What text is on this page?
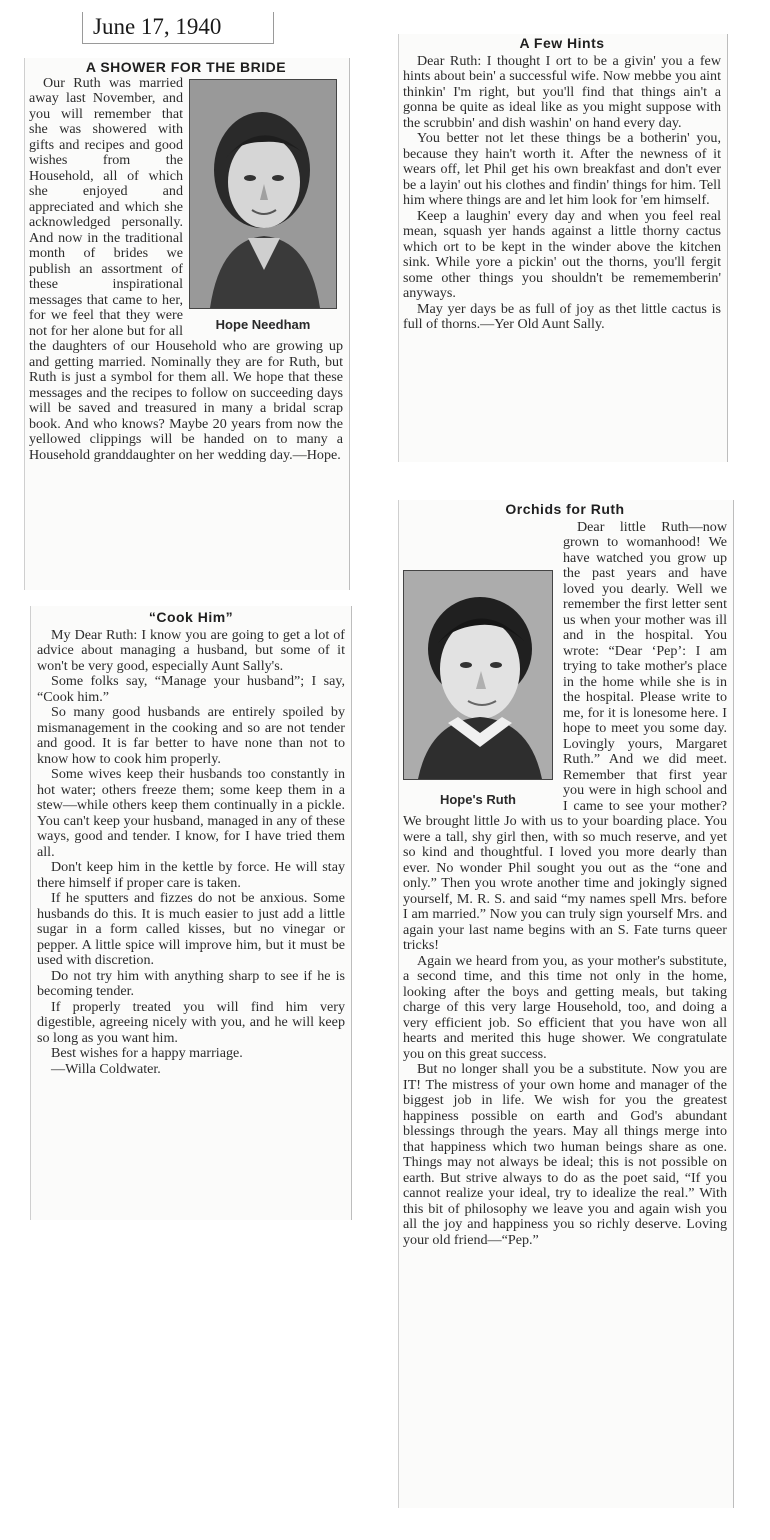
June 17, 1940
A SHOWER FOR THE BRIDE
Hope Needham

Our Ruth was married away last November, and you will remember that she was showered with gifts and recipes and good wishes from the Household, all of which she enjoyed and appreciated and which she acknowledged personally. And now in the traditional month of brides we publish an assortment of these inspirational messages that came to her, for we feel that they were not for her alone but for all the daughters of our Household who are growing up and getting married. Nominally they are for Ruth, but Ruth is just a symbol for them all. We hope that these messages and the recipes to follow on succeeding days will be saved and treasured in many a bridal scrap book. And who knows? Maybe 20 years from now the yellowed clippings will be handed on to many a Household granddaughter on her wedding day.—Hope.

“Cook Him”

My Dear Ruth: I know you are going to get a lot of advice about managing a husband, but some of it won't be very good, especially Aunt Sally's.

Some folks say, “Manage your husband”; I say, “Cook him.”

So many good husbands are entirely spoiled by mismanagement in the cooking and so are not tender and good. It is far better to have none than not to know how to cook him properly.

Some wives keep their husbands too constantly in hot water; others freeze them; some keep them in a stew—while others keep them continually in a pickle. You can't keep your husband, managed in any of these ways, good and tender. I know, for I have tried them all.

Don't keep him in the kettle by force. He will stay there himself if proper care is taken.

If he sputters and fizzes do not be anxious. Some husbands do this. It is much easier to just add a little sugar in a form called kisses, but no vinegar or pepper. A little spice will improve him, but it must be used with discretion.

Do not try him with anything sharp to see if he is becoming tender.

If properly treated you will find him very digestible, agreeing nicely with you, and he will keep so long as you want him.

Best wishes for a happy marriage.

—Willa Coldwater.

A Few Hints

Dear Ruth: I thought I ort to be a givin' you a few hints about bein' a successful wife. Now mebbe you aint thinkin' I'm right, but you'll find that things ain't a gonna be quite as ideal like as you might suppose with the scrubbin' and dish washin' on hand every day.

You better not let these things be a botherin' you, because they hain't worth it. After the newness of it wears off, let Phil get his own breakfast and don't ever be a layin' out his clothes and findin' things for him. Tell him where things are and let him look for 'em himself.

Keep a laughin' every day and when you feel real mean, squash yer hands against a little thorny cactus which ort to be kept in the winder above the kitchen sink. While yore a pickin' out the thorns, you'll fergit some other things you shouldn't be remememberin' anyways.

May yer days be as full of joy as thet little cactus is full of thorns.—Yer Old Aunt Sally.

Orchids for Ruth
Hope's Ruth

Dear little Ruth—now grown to womanhood! We have watched you grow up the past years and have loved you dearly. Well we remember the first letter sent us when your mother was ill and in the hospital. You wrote: “Dear ‘Pep’: I am trying to take mother's place in the home while she is in the hospital. Please write to me, for it is lonesome here. I hope to meet you some day. Lovingly yours, Margaret Ruth.” And we did meet. Remember that first year you were in high school and I came to see your mother? We brought little Jo with us to your boarding place. You were a tall, shy girl then, with so much reserve, and yet so kind and thoughtful. I loved you more dearly than ever. No wonder Phil sought you out as the “one and only.” Then you wrote another time and jokingly signed yourself, M. R. S. and said “my names spell Mrs. before I am married.” Now you can truly sign yourself Mrs. and again your last name begins with an S. Fate turns queer tricks!

Again we heard from you, as your mother's substitute, a second time, and this time not only in the home, looking after the boys and getting meals, but taking charge of this very large Household, too, and doing a very efficient job. So efficient that you have won all hearts and merited this huge shower. We congratulate you on this great success.

But no longer shall you be a substitute. Now you are IT! The mistress of your own home and manager of the biggest job in life. We wish for you the greatest happiness possible on earth and God's abundant blessings through the years. May all things merge into that happiness which two human beings share as one. Things may not always be ideal; this is not possible on earth. But strive always to do as the poet said, “If you cannot realize your ideal, try to idealize the real.” With this bit of philosophy we leave you and again wish you all the joy and happiness you so richly deserve. Loving your old friend—“Pep.”
